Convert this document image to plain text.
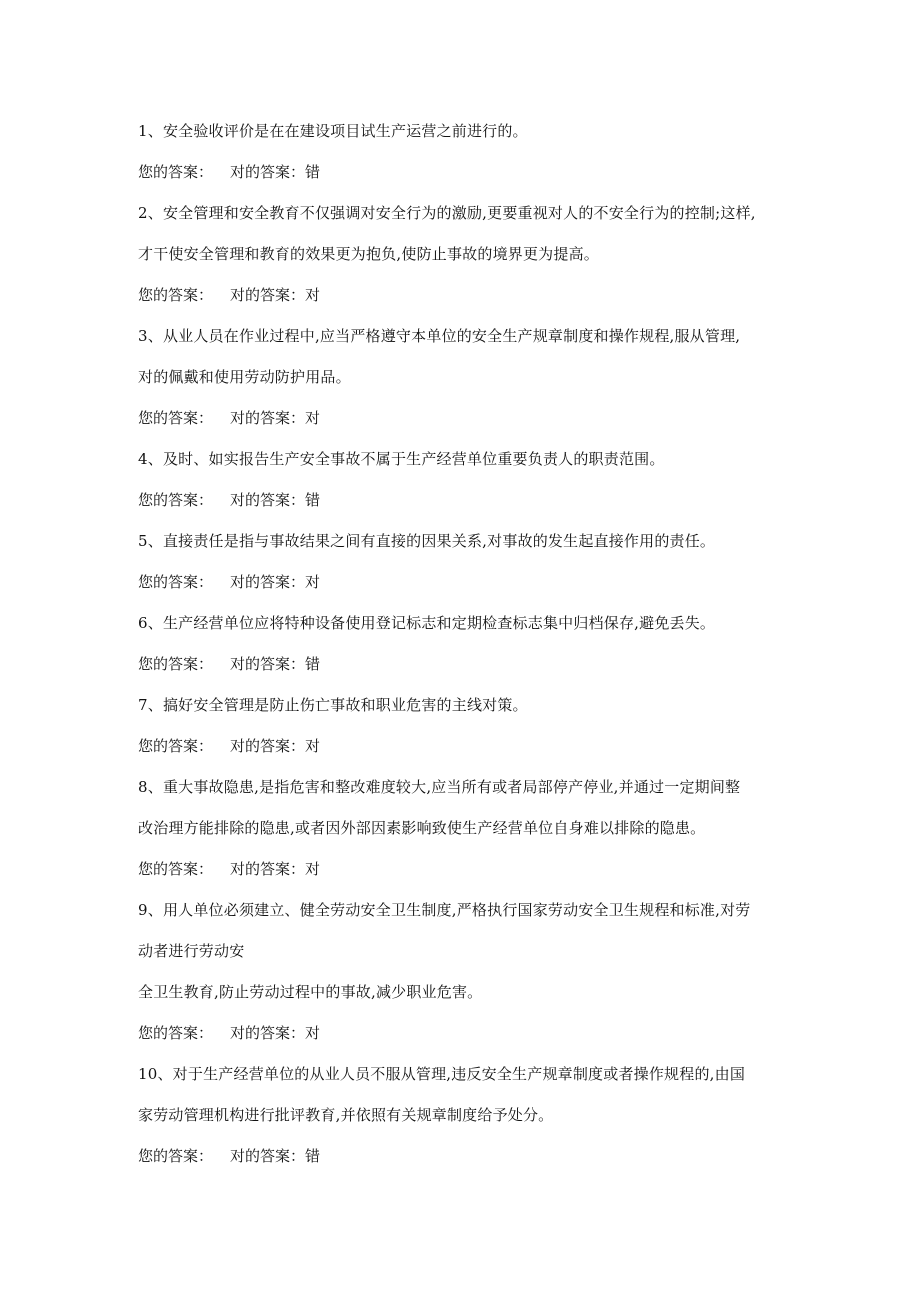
1、安全验收评价是在在建设项目试生产运营之前进行的。
您的答案： 对的答案：错
2、安全管理和安全教育不仅强调对安全行为的激励,更要重视对人的不安全行为的控制;这样,
才干使安全管理和教育的效果更为抱负,使防止事故的境界更为提高。
您的答案： 对的答案：对
3、从业人员在作业过程中,应当严格遵守本单位的安全生产规章制度和操作规程,服从管理,
对的佩戴和使用劳动防护用品。
您的答案： 对的答案：对
4、及时、如实报告生产安全事故不属于生产经营单位重要负责人的职责范围。
您的答案： 对的答案：错
5、直接责任是指与事故结果之间有直接的因果关系,对事故的发生起直接作用的责任。
您的答案： 对的答案：对
6、生产经营单位应将特种设备使用登记标志和定期检查标志集中归档保存,避免丢失。
您的答案： 对的答案：错
7、搞好安全管理是防止伤亡事故和职业危害的主线对策。
您的答案： 对的答案：对
8、重大事故隐患,是指危害和整改难度较大,应当所有或者局部停产停业,并通过一定期间整
改治理方能排除的隐患,或者因外部因素影响致使生产经营单位自身难以排除的隐患。
您的答案： 对的答案：对
9、用人单位必须建立、健全劳动安全卫生制度,严格执行国家劳动安全卫生规程和标准,对劳
动者进行劳动安
全卫生教育,防止劳动过程中的事故,减少职业危害。
您的答案： 对的答案：对
10、对于生产经营单位的从业人员不服从管理,违反安全生产规章制度或者操作规程的,由国
家劳动管理机构进行批评教育,并依照有关规章制度给予处分。
您的答案： 对的答案：错
